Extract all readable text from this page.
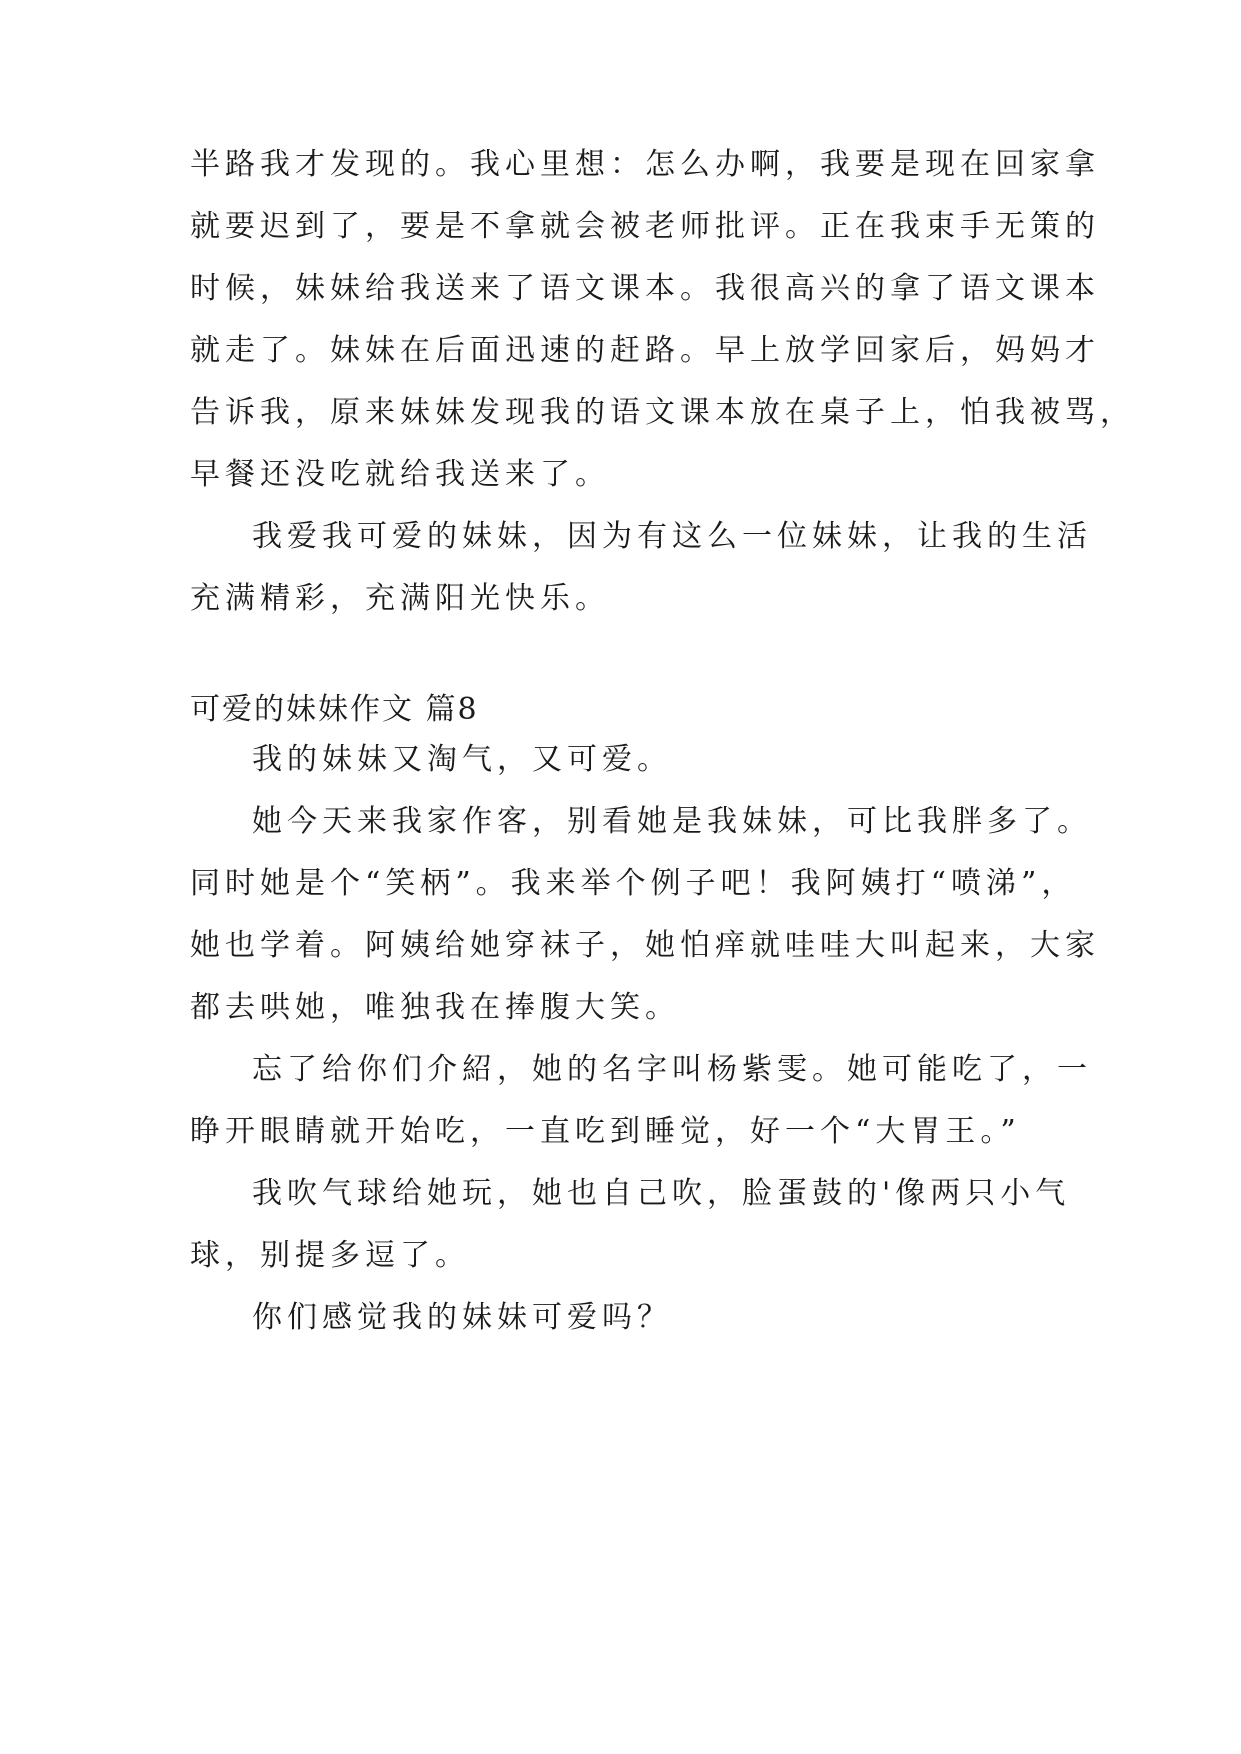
半路我才发现的。我心里想：怎么办啊，我要是现在回家拿
就要迟到了，要是不拿就会被老师批评。正在我束手无策的
时候，妹妹给我送来了语文课本。我很高兴的拿了语文课本
就走了。妹妹在后面迅速的赶路。早上放学回家后，妈妈才
告诉我，原来妹妹发现我的语文课本放在桌子上，怕我被骂，
早餐还没吃就给我送来了。
我爱我可爱的妹妹，因为有这么一位妹妹，让我的生活
充满精彩，充满阳光快乐。
可爱的妹妹作文 篇8
我的妹妹又淘气，又可爱。
她今天来我家作客，别看她是我妹妹，可比我胖多了。
同时她是个“笑柄”。我来举个例子吧！我阿姨打“喷涕”，
她也学着。阿姨给她穿袜子，她怕痒就哇哇大叫起来，大家
都去哄她，唯独我在捧腹大笑。
忘了给你们介紹，她的名字叫杨紫雯。她可能吃了，一
睁开眼睛就开始吃，一直吃到睡觉，好一个“大胃王。”
我吹气球给她玩，她也自己吹，脸蛋鼓的'像两只小气
球，别提多逗了。
你们感觉我的妹妹可爱吗？
